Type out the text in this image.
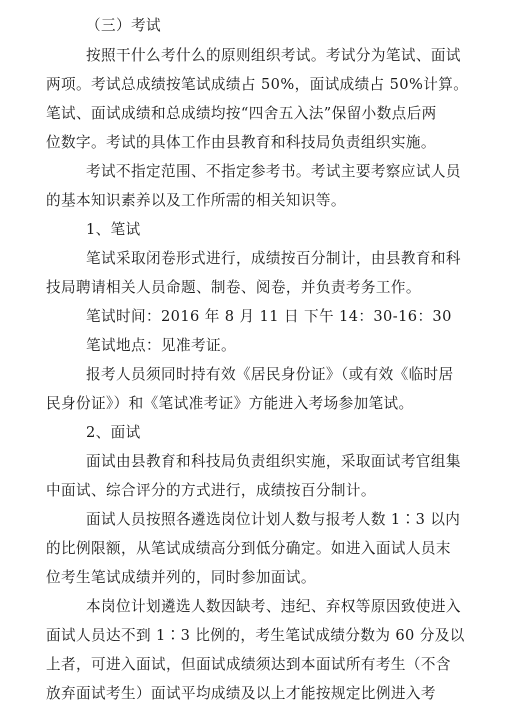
（三）考试
按照干什么考什么的原则组织考试。考试分为笔试、面试
两项。考试总成绩按笔试成绩占 50%，面试成绩占 50%计算。
笔试、面试成绩和总成绩均按“四舍五入法”保留小数点后两
位数字。考试的具体工作由县教育和科技局负责组织实施。
考试不指定范围、不指定参考书。考试主要考察应试人员
的基本知识素养以及工作所需的相关知识等。
1、笔试
笔试采取闭卷形式进行，成绩按百分制计，由县教育和科
技局聘请相关人员命题、制卷、阅卷，并负责考务工作。
笔试时间：2016 年 8 月 11 日 下午 14：30-16：30
笔试地点：见准考证。
报考人员须同时持有效《居民身份证》（或有效《临时居
民身份证》）和《笔试准考证》方能进入考场参加笔试。
2、面试
面试由县教育和科技局负责组织实施，采取面试考官组集
中面试、综合评分的方式进行，成绩按百分制计。
面试人员按照各遴选岗位计划人数与报考人数 1∶3 以内
的比例限额，从笔试成绩高分到低分确定。如进入面试人员末
位考生笔试成绩并列的，同时参加面试。
本岗位计划遴选人数因缺考、违纪、弃权等原因致使进入
面试人员达不到 1∶3 比例的，考生笔试成绩分数为 60 分及以
上者，可进入面试，但面试成绩须达到本面试所有考生（不含
放弃面试考生）面试平均成绩及以上才能按规定比例进入考
